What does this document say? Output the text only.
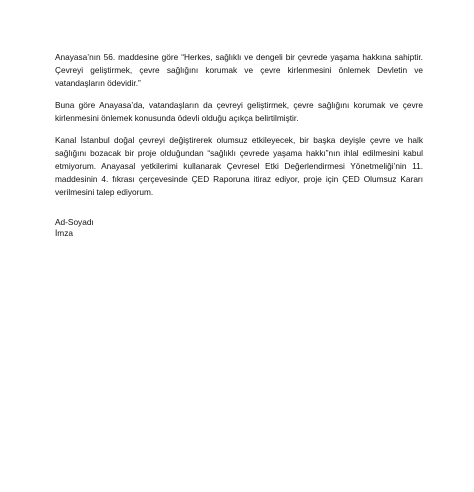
Anayasa’nın 56. maddesine göre “Herkes, sağlıklı ve dengeli bir çevrede yaşama hakkına sahiptir. Çevreyi geliştirmek, çevre sağlığını korumak ve çevre kirlenmesini önlemek Devletin ve vatandaşların ödevidir.”

Buna göre Anayasa’da, vatandaşların da çevreyi geliştirmek, çevre sağlığını korumak ve çevre kirlenmesini önlemek konusunda ödevli olduğu açıkça belirtilmiştir.

Kanal İstanbul doğal çevreyi değiştirerek olumsuz etkileyecek, bir başka deyişle çevre ve halk sağlığını bozacak bir proje olduğundan “sağlıklı çevrede yaşama hakkı”nın ihlal edilmesini kabul etmiyorum. Anayasal yetkilerimi kullanarak Çevresel Etki Değerlendirmesi Yönetmeliği’nin 11. maddesinin 4. fıkrası çerçevesinde ÇED Raporuna itiraz ediyor, proje için ÇED Olumsuz Kararı verilmesini talep ediyorum.

Ad-Soyadı
İmza
